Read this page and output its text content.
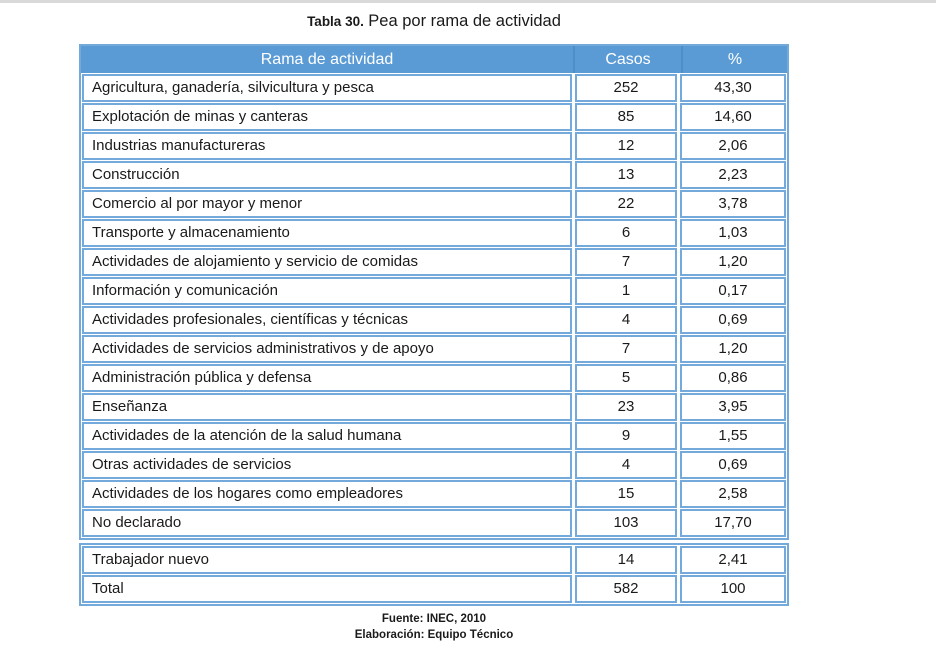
Tabla 30. Pea por rama de actividad
Rama de actividad	Casos	%
Agricultura, ganadería, silvicultura y pesca	252	43,30
Explotación de minas y canteras	85	14,60
Industrias manufactureras	12	2,06
Construcción	13	2,23
Comercio al por mayor y menor	22	3,78
Transporte y almacenamiento	6	1,03
Actividades de alojamiento y servicio de comidas	7	1,20
Información y comunicación	1	0,17
Actividades profesionales, científicas y técnicas	4	0,69
Actividades de servicios administrativos y de apoyo	7	1,20
Administración pública y defensa	5	0,86
Enseñanza	23	3,95
Actividades de la atención de la salud humana	9	1,55
Otras actividades de servicios	4	0,69
Actividades de los hogares como empleadores	15	2,58
No declarado	103	17,70
Trabajador nuevo	14	2,41
Total	582	100
Fuente: INEC, 2010
Elaboración: Equipo Técnico
